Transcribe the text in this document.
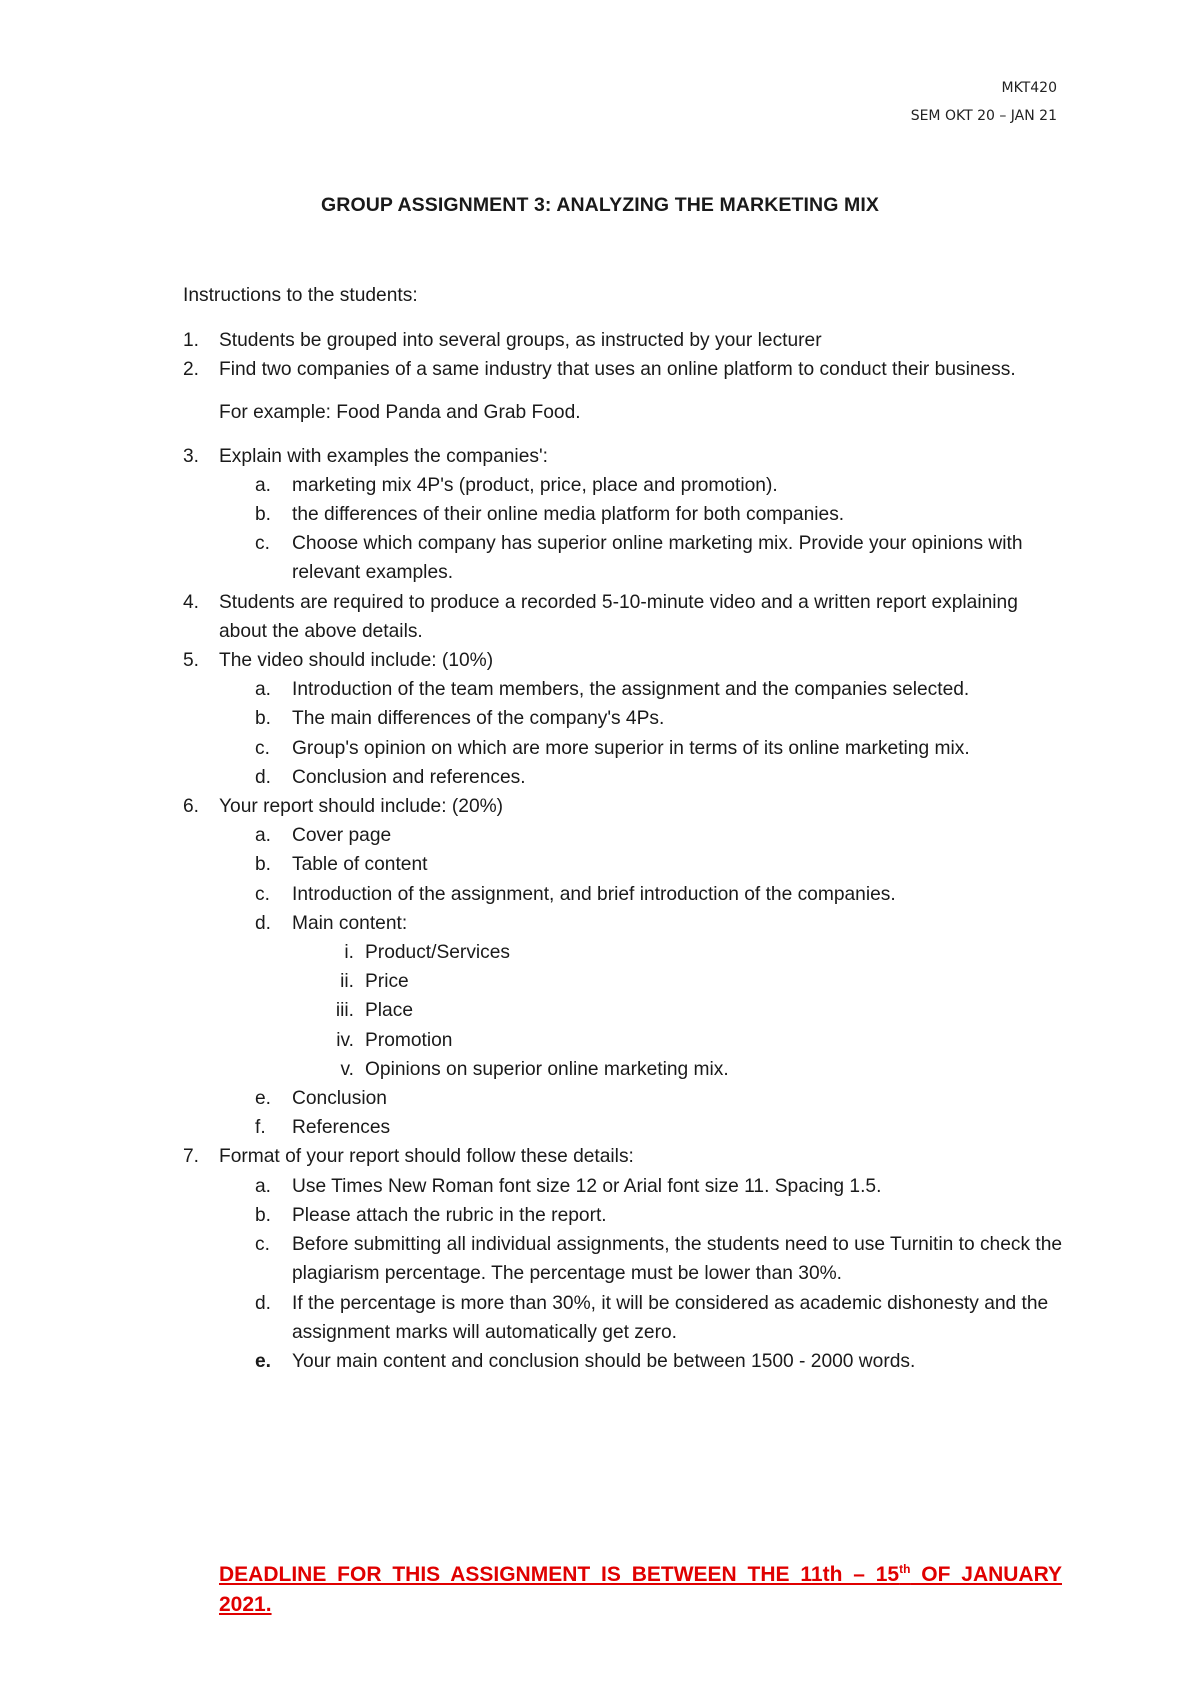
MKT420
SEM OKT 20 – JAN 21
GROUP ASSIGNMENT 3: ANALYZING THE MARKETING MIX
Instructions to the students:
1.	Students be grouped into several groups, as instructed by your lecturer
2.	Find two companies of a same industry that uses an online platform to conduct their business.
For example: Food Panda and Grab Food.
3.	Explain with examples the companies':
a. marketing mix 4P's (product, price, place and promotion).
b. the differences of their online media platform for both companies.
c. Choose which company has superior online marketing mix. Provide your opinions with relevant examples.
4.	Students are required to produce a recorded 5-10-minute video and a written report explaining about the above details.
5.	The video should include: (10%)
a. Introduction of the team members, the assignment and the companies selected.
b. The main differences of the company's 4Ps.
c. Group's opinion on which are more superior in terms of its online marketing mix.
d. Conclusion and references.
6.	Your report should include: (20%)
a. Cover page
b. Table of content
c. Introduction of the assignment, and brief introduction of the companies.
d. Main content:
i. Product/Services
ii. Price
iii. Place
iv. Promotion
v. Opinions on superior online marketing mix.
e. Conclusion
f. References
7.	Format of your report should follow these details:
a. Use Times New Roman font size 12 or Arial font size 11. Spacing 1.5.
b. Please attach the rubric in the report.
c. Before submitting all individual assignments, the students need to use Turnitin to check the plagiarism percentage. The percentage must be lower than 30%.
d. If the percentage is more than 30%, it will be considered as academic dishonesty and the assignment marks will automatically get zero.
e. Your main content and conclusion should be between 1500 - 2000 words.
DEADLINE FOR THIS ASSIGNMENT IS BETWEEN THE 11th – 15th OF JANUARY 2021.
